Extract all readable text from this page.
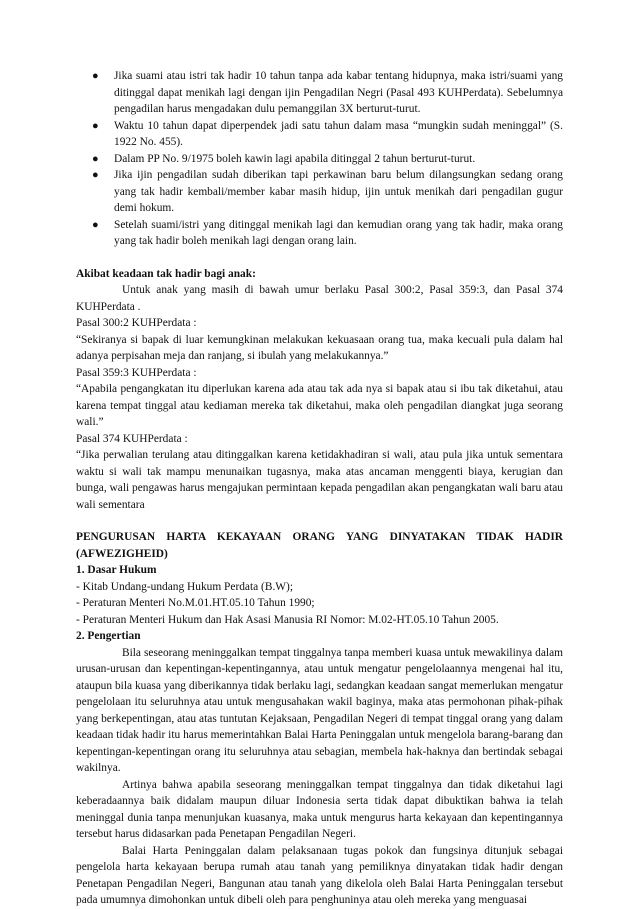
● Jika suami atau istri tak hadir 10 tahun tanpa ada kabar tentang hidupnya, maka istri/suami yang ditinggal dapat menikah lagi dengan ijin Pengadilan Negri (Pasal 493 KUHPerdata). Sebelumnya pengadilan harus mengadakan dulu pemanggilan 3X berturut-turut.
● Waktu 10 tahun dapat diperpendek jadi satu tahun dalam masa “mungkin sudah meninggal” (S. 1922 No. 455).
● Dalam PP No. 9/1975 boleh kawin lagi apabila ditinggal 2 tahun berturut-turut.
● Jika ijin pengadilan sudah diberikan tapi perkawinan baru belum dilangsungkan sedang orang yang tak hadir kembali/member kabar masih hidup, ijin untuk menikah dari pengadilan gugur demi hokum.
● Setelah suami/istri yang ditinggal menikah lagi dan kemudian orang yang tak hadir, maka orang yang tak hadir boleh menikah lagi dengan orang lain.

Akibat keadaan tak hadir bagi anak:

Untuk anak yang masih di bawah umur berlaku Pasal 300:2, Pasal 359:3, dan Pasal 374 KUHPerdata .

Pasal 300:2 KUHPerdata :

“Sekiranya si bapak di luar kemungkinan melakukan kekuasaan orang tua, maka kecuali pula dalam hal adanya perpisahan meja dan ranjang, si ibulah yang melakukannya.”

Pasal 359:3 KUHPerdata :

“Apabila pengangkatan itu diperlukan karena ada atau tak ada nya si bapak atau si ibu tak diketahui, atau karena tempat tinggal atau kediaman mereka tak diketahui, maka oleh pengadilan diangkat juga seorang wali.”

Pasal 374 KUHPerdata :

“Jika perwalian terulang atau ditinggalkan karena ketidakhadiran si wali, atau pula jika untuk sementara waktu si wali tak mampu menunaikan tugasnya, maka atas ancaman menggenti biaya, kerugian dan bunga, wali pengawas harus mengajukan permintaan kepada pengadilan akan pengangkatan wali baru atau wali sementara

PENGURUSAN HARTA KEKAYAAN ORANG YANG DINYATAKAN TIDAK HADIR (AFWEZIGHEID)

1. Dasar Hukum

- Kitab Undang-undang Hukum Perdata (B.W);

- Peraturan Menteri No.M.01.HT.05.10 Tahun 1990;

- Peraturan Menteri Hukum dan Hak Asasi Manusia RI Nomor: M.02-HT.05.10 Tahun 2005.

2. Pengertian

Bila seseorang meninggalkan tempat tinggalnya tanpa memberi kuasa untuk mewakilinya dalam urusan-urusan dan kepentingan-kepentingannya, atau untuk mengatur pengelolaannya mengenai hal itu, ataupun bila kuasa yang diberikannya tidak berlaku lagi, sedangkan keadaan sangat memerlukan mengatur pengelolaan itu seluruhnya atau untuk mengusahakan wakil baginya, maka atas permohonan pihak-pihak yang berkepentingan, atau atas tuntutan Kejaksaan, Pengadilan Negeri di tempat tinggal orang yang dalam keadaan tidak hadir itu harus memerintahkan Balai Harta Peninggalan untuk mengelola barang-barang dan kepentingan-kepentingan orang itu seluruhnya atau sebagian, membela hak-haknya dan bertindak sebagai wakilnya.

Artinya bahwa apabila seseorang meninggalkan tempat tinggalnya dan tidak diketahui lagi keberadaannya baik didalam maupun diluar Indonesia serta tidak dapat dibuktikan bahwa ia telah meninggal dunia tanpa menunjukan kuasanya, maka untuk mengurus harta kekayaan dan kepentingannya tersebut harus didasarkan pada Penetapan Pengadilan Negeri.

Balai Harta Peninggalan dalam pelaksanaan tugas pokok dan fungsinya ditunjuk sebagai pengelola harta kekayaan berupa rumah atau tanah yang pemiliknya dinyatakan tidak hadir dengan Penetapan Pengadilan Negeri, Bangunan atau tanah yang dikelola oleh Balai Harta Peninggalan tersebut pada umumnya dimohonkan untuk dibeli oleh para penghuninya atau oleh mereka yang menguasai
